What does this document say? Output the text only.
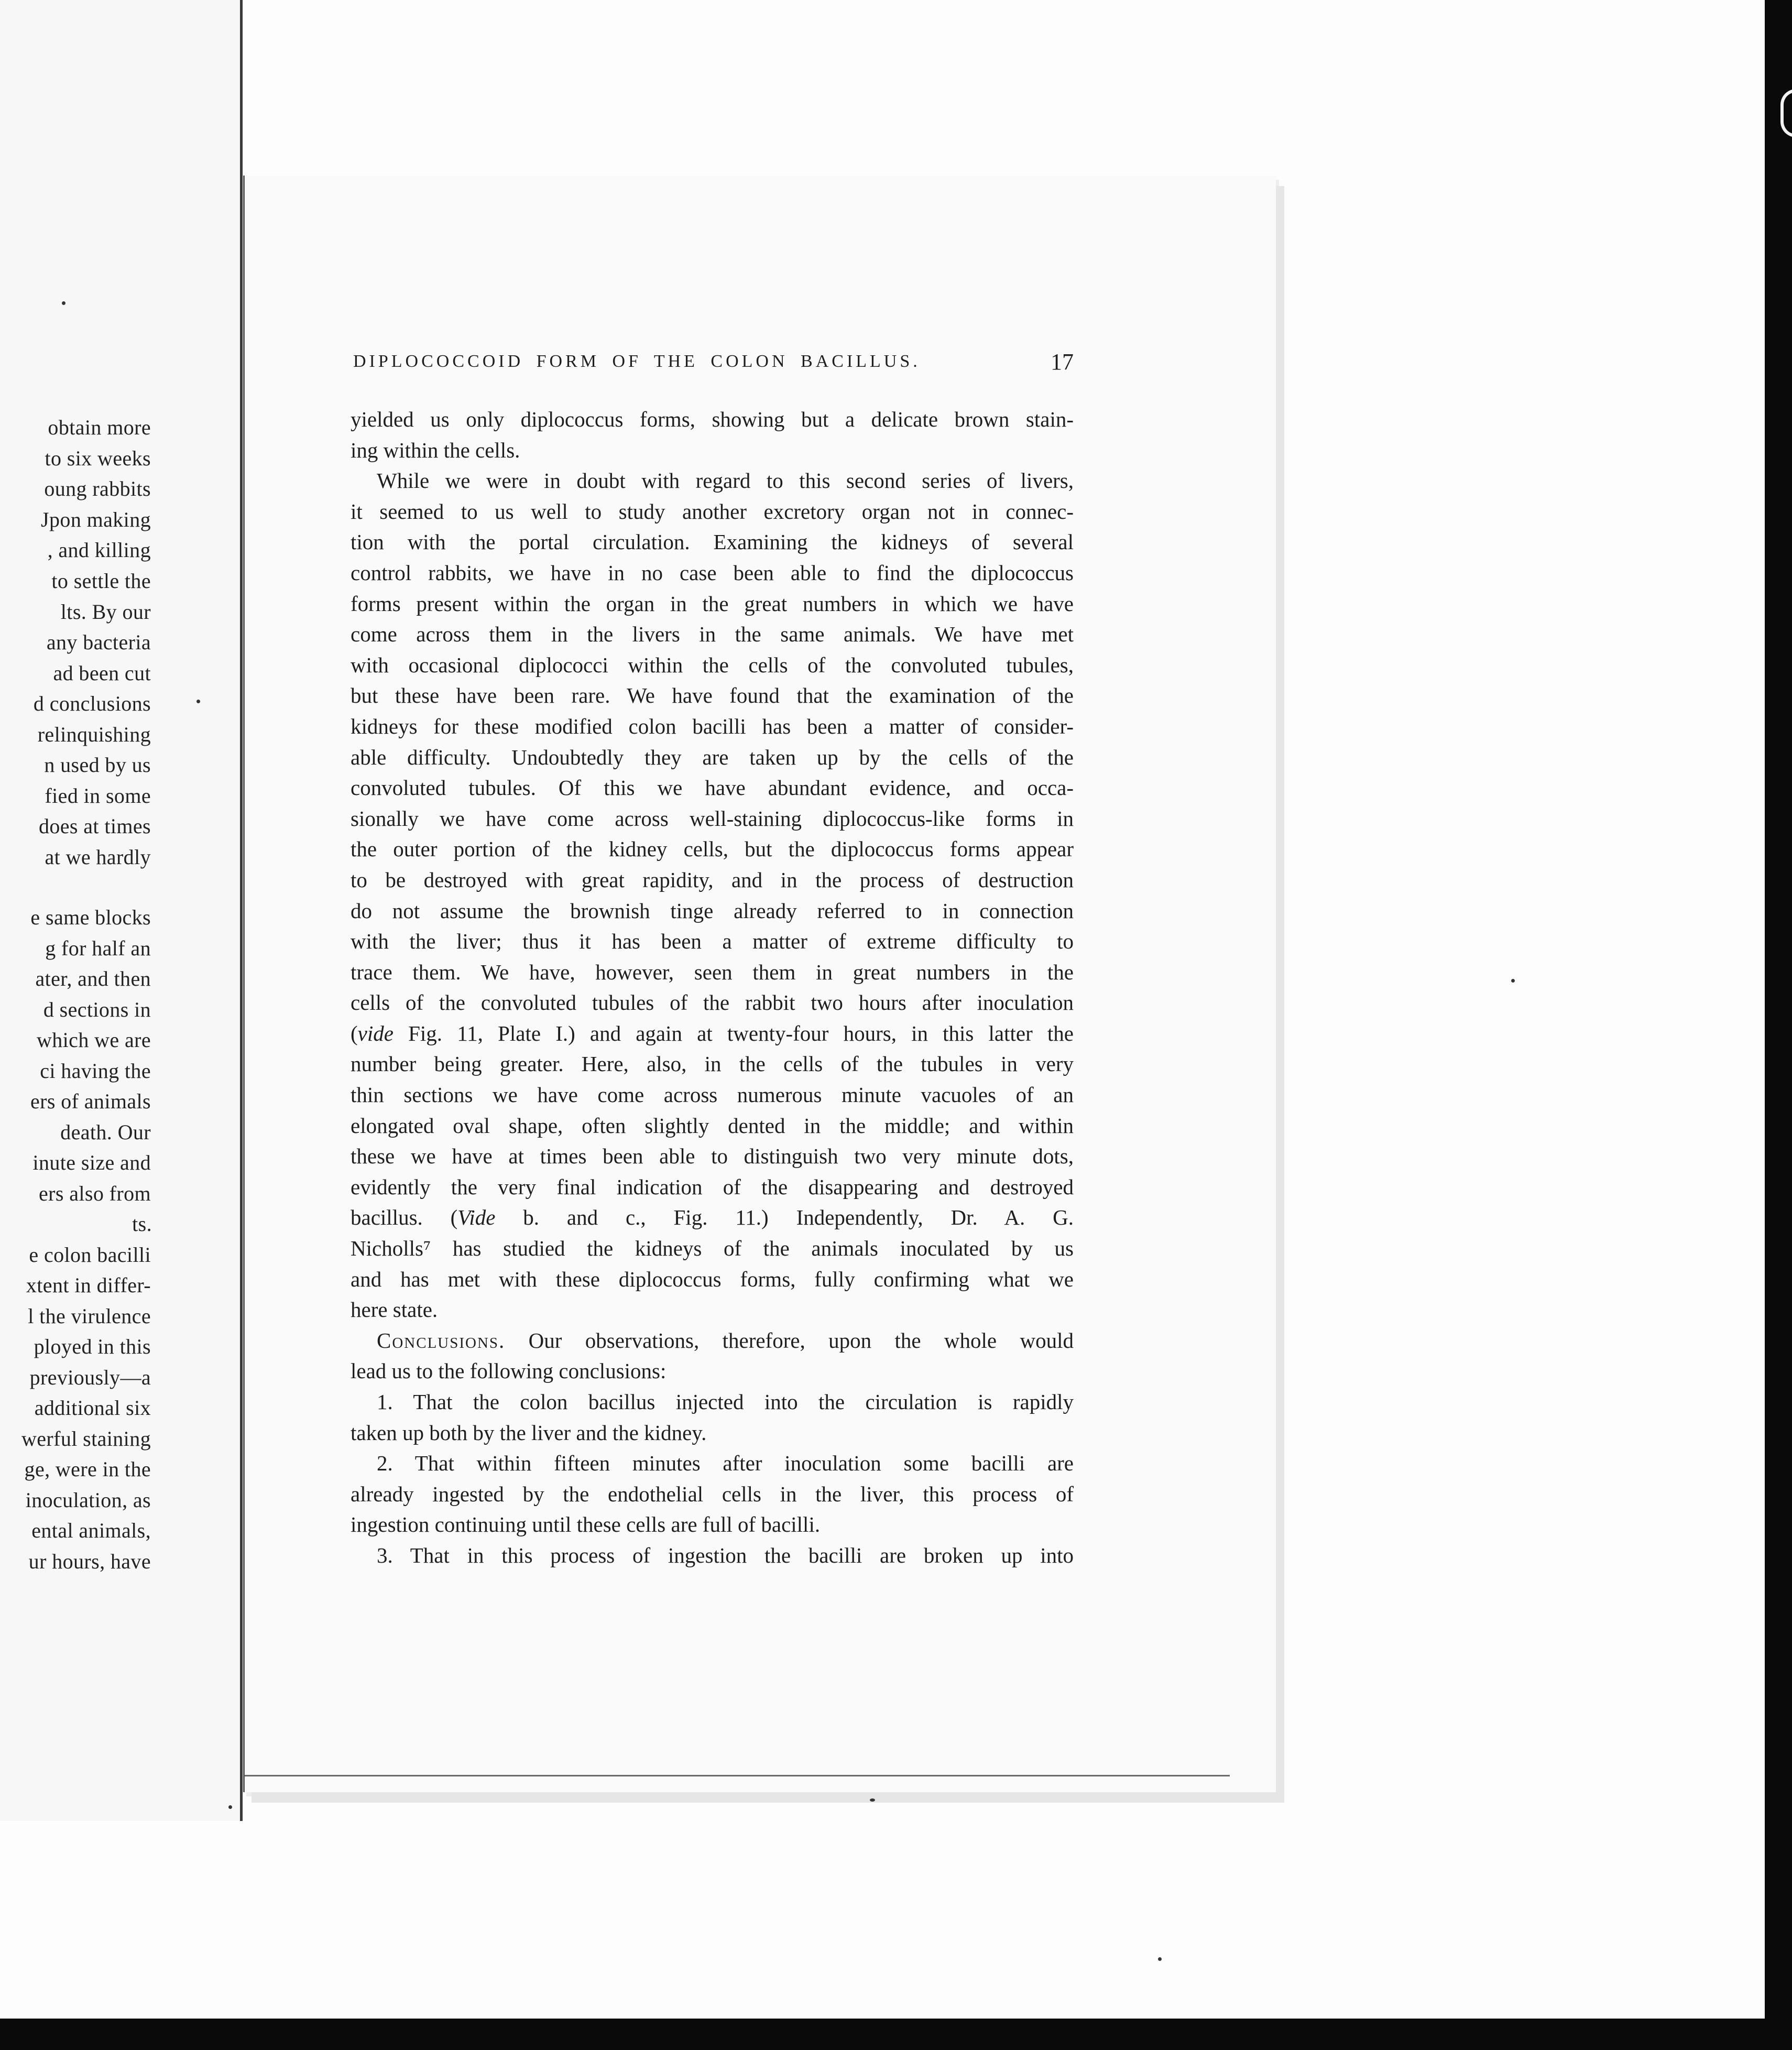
obtain more
to six weeks
oung rabbits
Jpon making
, and killing
to settle the
lts. By our
any bacteria
ad been cut
d conclusions
relinquishing
n used by us
fied in some
does at times
at we hardly
e same blocks
g for half an
ater, and then
d sections in
which we are
ci having the
ers of animals
death. Our
inute size and
ers also from
ts.
e colon bacilli
xtent in differ-
l the virulence
ployed in this
previously—a
additional six
werful staining
ge, were in the
inoculation, as
ental animals,
ur hours, have
DIPLOCOCCOID FORM OF THE COLON BACILLUS.	17
yielded us only diplococcus forms, showing but a delicate brown stain-
ing within the cells.
While we were in doubt with regard to this second series of livers,
it seemed to us well to study another excretory organ not in connec-
tion with the portal circulation. Examining the kidneys of several
control rabbits, we have in no case been able to find the diplococcus
forms present within the organ in the great numbers in which we have
come across them in the livers in the same animals. We have met
with occasional diplococci within the cells of the convoluted tubules,
but these have been rare. We have found that the examination of the
kidneys for these modified colon bacilli has been a matter of consider-
able difficulty. Undoubtedly they are taken up by the cells of the
convoluted tubules. Of this we have abundant evidence, and occa-
sionally we have come across well-staining diplococcus-like forms in
the outer portion of the kidney cells, but the diplococcus forms appear
to be destroyed with great rapidity, and in the process of destruction
do not assume the brownish tinge already referred to in connection
with the liver; thus it has been a matter of extreme difficulty to
trace them. We have, however, seen them in great numbers in the
cells of the convoluted tubules of the rabbit two hours after inoculation
(vide Fig. 11, Plate I.) and again at twenty-four hours, in this latter the
number being greater. Here, also, in the cells of the tubules in very
thin sections we have come across numerous minute vacuoles of an
elongated oval shape, often slightly dented in the middle; and within
these we have at times been able to distinguish two very minute dots,
evidently the very final indication of the disappearing and destroyed
bacillus. (Vide b. and c., Fig. 11.) Independently, Dr. A. G.
Nicholls⁷ has studied the kidneys of the animals inoculated by us
and has met with these diplococcus forms, fully confirming what we
here state.
Conclusions. Our observations, therefore, upon the whole would
lead us to the following conclusions:
1. That the colon bacillus injected into the circulation is rapidly
taken up both by the liver and the kidney.
2. That within fifteen minutes after inoculation some bacilli are
already ingested by the endothelial cells in the liver, this process of
ingestion continuing until these cells are full of bacilli.
3. That in this process of ingestion the bacilli are broken up into
